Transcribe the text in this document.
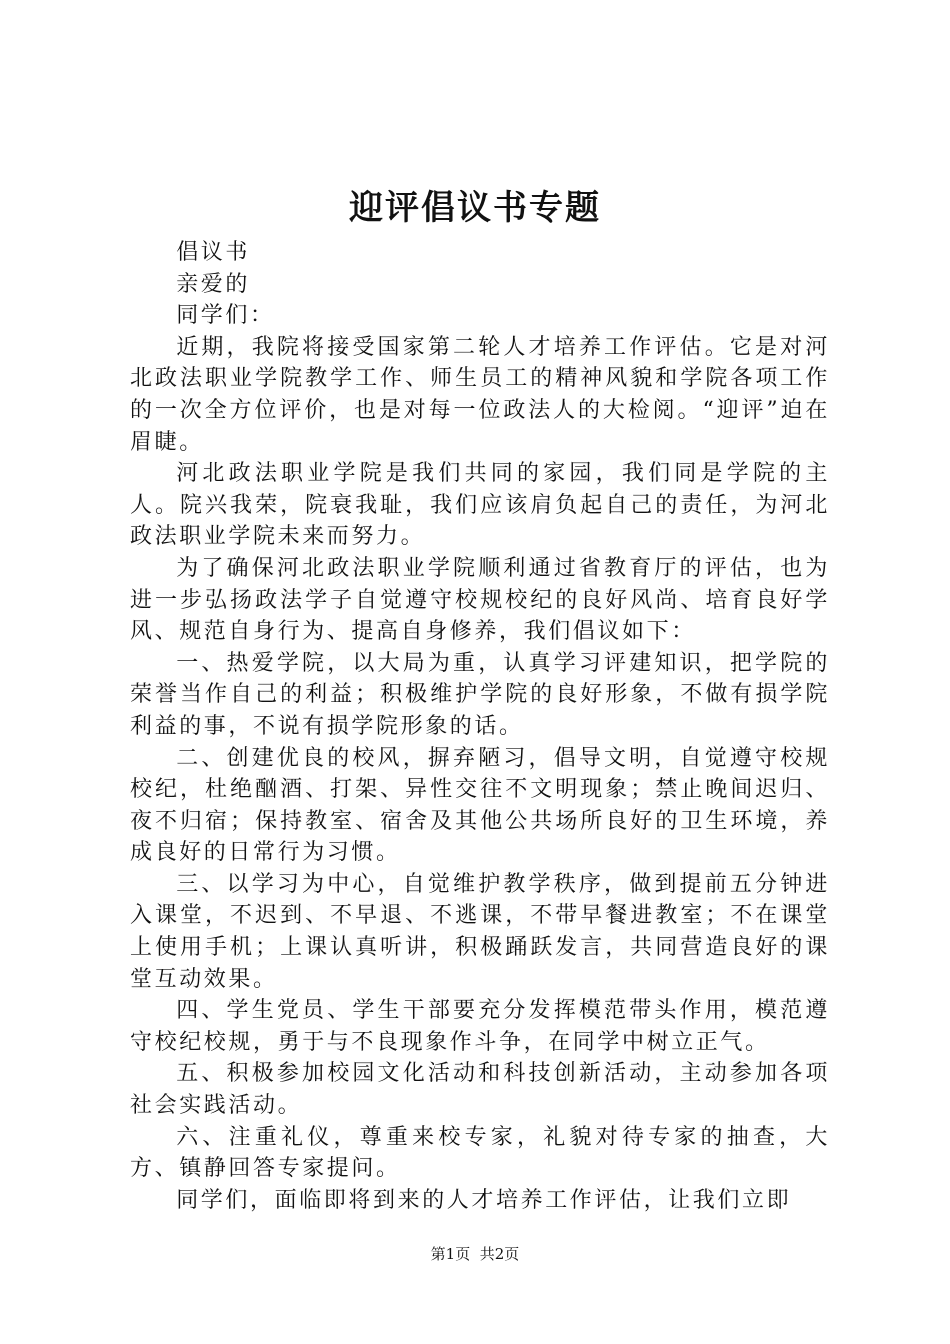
迎评倡议书专题

倡议书

亲爱的

同学们：

近期，我院将接受国家第二轮人才培养工作评估。它是对河北政法职业学院教学工作、师生员工的精神风貌和学院各项工作的一次全方位评价，也是对每一位政法人的大检阅。“迎评”迫在眉睫。

河北政法职业学院是我们共同的家园，我们同是学院的主人。院兴我荣，院衰我耻，我们应该肩负起自己的责任，为河北政法职业学院未来而努力。

为了确保河北政法职业学院顺利通过省教育厅的评估，也为进一步弘扬政法学子自觉遵守校规校纪的良好风尚、培育良好学风、规范自身行为、提高自身修养，我们倡议如下：

一、热爱学院，以大局为重，认真学习评建知识，把学院的荣誉当作自己的利益；积极维护学院的良好形象，不做有损学院利益的事，不说有损学院形象的话。

二、创建优良的校风，摒弃陋习，倡导文明，自觉遵守校规校纪，杜绝酗酒、打架、异性交往不文明现象；禁止晚间迟归、夜不归宿；保持教室、宿舍及其他公共场所良好的卫生环境，养成良好的日常行为习惯。

三、以学习为中心，自觉维护教学秩序，做到提前五分钟进入课堂，不迟到、不早退、不逃课，不带早餐进教室；不在课堂上使用手机；上课认真听讲，积极踊跃发言，共同营造良好的课堂互动效果。

四、学生党员、学生干部要充分发挥模范带头作用，模范遵守校纪校规，勇于与不良现象作斗争，在同学中树立正气。

五、积极参加校园文化活动和科技创新活动，主动参加各项社会实践活动。

六、注重礼仪，尊重来校专家，礼貌对待专家的抽查，大方、镇静回答专家提问。

同学们，面临即将到来的人才培养工作评估，让我们立即

第1页 共2页
